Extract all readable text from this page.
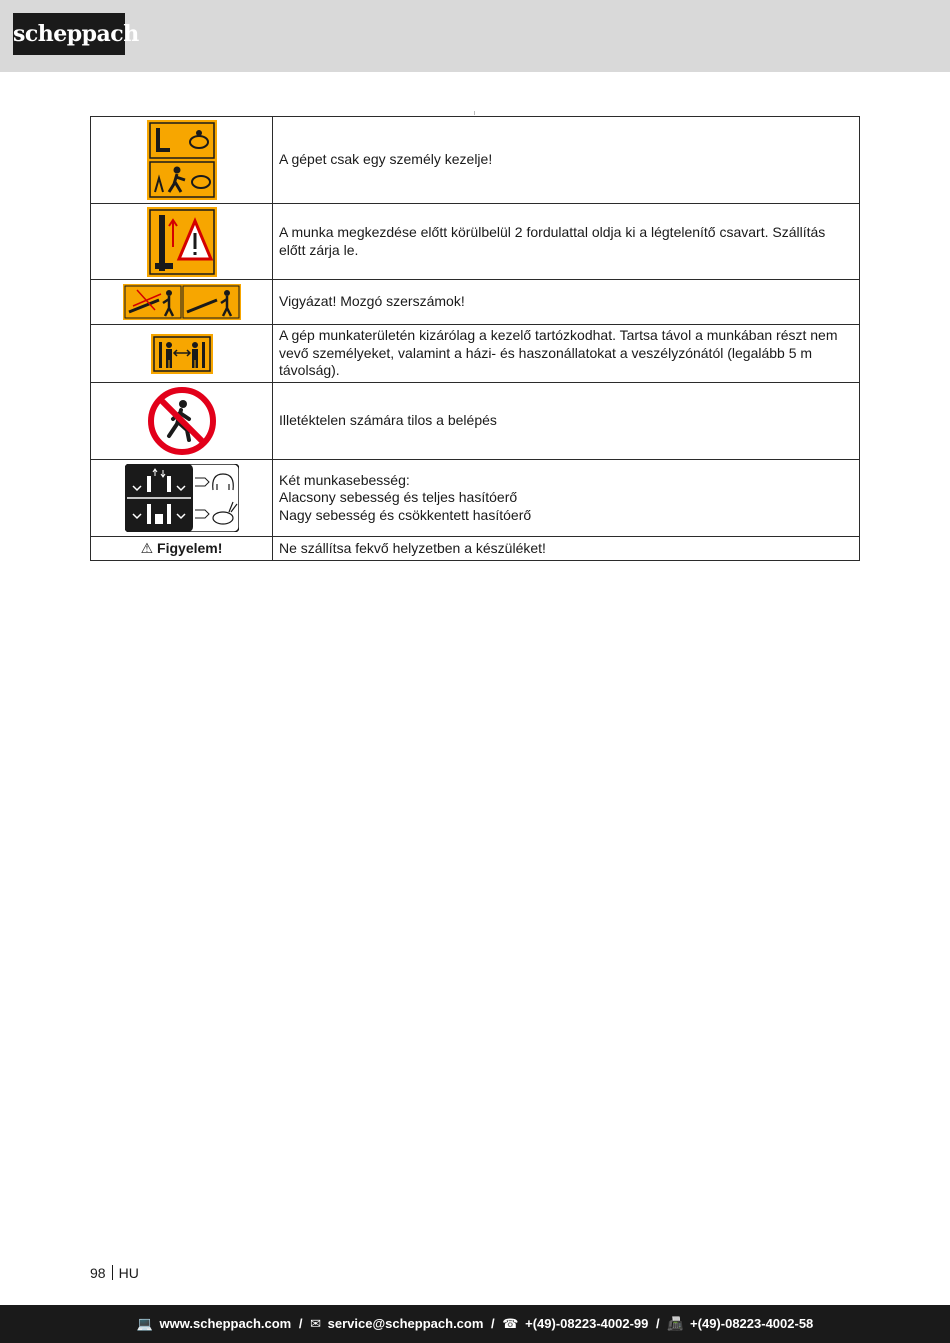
scheppach

A gépet csak egy személy kezelje!

A munka megkezdése előtt körülbelül 2 fordulattal oldja ki a légtelenítő csavart. Szállítás előtt zárja le.

Vigyázat! Mozgó szerszámok!

A gép munkaterületén kizárólag a kezelő tartózkodhat. Tartsa távol a munkában részt nem vevő személyeket, valamint a házi- és haszonállatokat a veszélyzónától (legalább 5 m távolság).

Illetéktelen számára tilos a belépés

Két munkasebesség:
Alacsony sebesség és teljes hasítóerő
Nagy sebesség és csökkentett hasítóerő

⚠ Figyelem!	Ne szállítsa fekvő helyzetben a készüléket!
98 HU
💻 www.scheppach.com / ✉ service@scheppach.com / ☎ +(49)-08223-4002-99 / 📠 +(49)-08223-4002-58
